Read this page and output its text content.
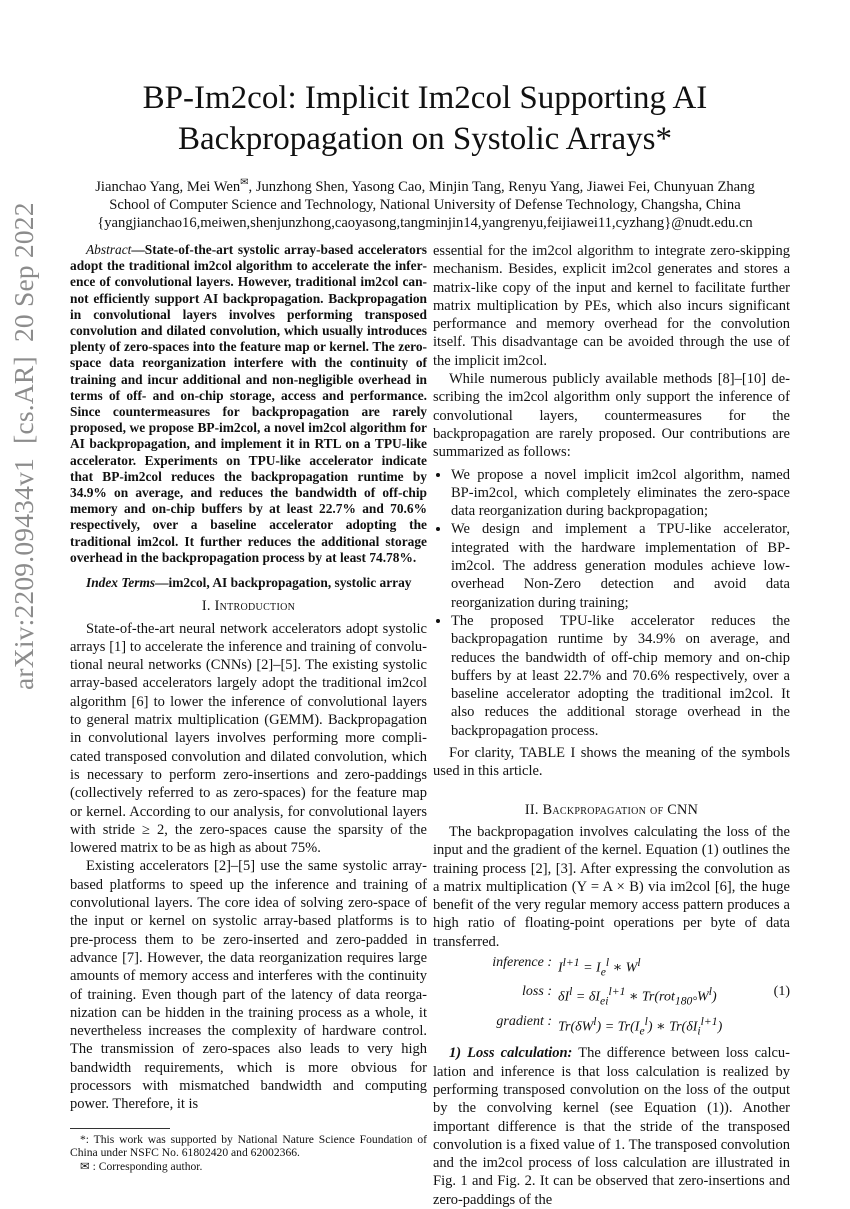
arXiv:2209.09434v1  [cs.AR]  20 Sep 2022
BP-Im2col: Implicit Im2col Supporting AI
Backpropagation on Systolic Arrays*
Jianchao Yang, Mei Wen✉, Junzhong Shen, Yasong Cao, Minjin Tang, Renyu Yang, Jiawei Fei, Chunyuan Zhang
School of Computer Science and Technology, National University of Defense Technology, Changsha, China
{yangjianchao16,meiwen,shenjunzhong,caoyasong,tangminjin14,yangrenyu,feijiawei11,cyzhang}@nudt.edu.cn

Abstract—State-of-the-art systolic array-based accelerators adopt the traditional im2col algorithm to accelerate the inference of convolutional layers. However, traditional im2col cannot efficiently support AI backpropagation. Backpropagation in convolutional layers involves performing transposed convolution and dilated convolution, which usually introduces plenty of zero-spaces into the feature map or kernel. The zero-space data reorganization interfere with the continuity of training and incur additional and non-negligible overhead in terms of off- and on-chip storage, access and performance. Since countermeasures for backpropagation are rarely proposed, we propose BP-im2col, a novel im2col algorithm for AI backpropagation, and implement it in RTL on a TPU-like accelerator. Experiments on TPU-like accelerator indicate that BP-im2col reduces the backpropagation runtime by 34.9% on average, and reduces the bandwidth of off-chip memory and on-chip buffers by at least 22.7% and 70.6% respectively, over a baseline accelerator adopting the traditional im2col. It further reduces the additional storage overhead in the backpropagation process by at least 74.78%.

Index Terms—im2col, AI backpropagation, systolic array

I. Introduction

State-of-the-art neural network accelerators adopt systolic arrays [1] to accelerate the inference and training of convolutional neural networks (CNNs) [2]–[5]. The existing systolic array-based accelerators largely adopt the traditional im2col algorithm [6] to lower the inference of convolutional layers to general matrix multiplication (GEMM). Backpropagation in convolutional layers involves performing more complicated transposed convolution and dilated convolution, which is necessary to perform zero-insertions and zero-paddings (collectively referred to as zero-spaces) for the feature map or kernel. According to our analysis, for convolutional layers with stride ≥ 2, the zero-spaces cause the sparsity of the lowered matrix to be as high as about 75%.

Existing accelerators [2]–[5] use the same systolic array-based platforms to speed up the inference and training of convolutional layers. The core idea of solving zero-space of the input or kernel on systolic array-based platforms is to pre-process them to be zero-inserted and zero-padded in advance [7]. However, the data reorganization requires large amounts of memory access and interferes with the continuity of training. Even though part of the latency of data reorganization can be hidden in the training process as a whole, it nevertheless increases the complexity of hardware control. The transmission of zero-spaces also leads to very high bandwidth requirements, which is more obvious for processors with mismatched bandwidth and computing power. Therefore, it is

*: This work was supported by National Nature Science Foundation of China under NSFC No. 61802420 and 62002366.

✉ : Corresponding author.

essential for the im2col algorithm to integrate zero-skipping mechanism. Besides, explicit im2col generates and stores a matrix-like copy of the input and kernel to facilitate further matrix multiplication by PEs, which also incurs significant performance and memory overhead for the convolution itself. This disadvantage can be avoided through the use of the implicit im2col.

While numerous publicly available methods [8]–[10] describing the im2col algorithm only support the inference of convolutional layers, countermeasures for the backpropagation are rarely proposed. Our contributions are summarized as follows:

• We propose a novel implicit im2col algorithm, named BP-im2col, which completely eliminates the zero-space data reorganization during backpropagation;
• We design and implement a TPU-like accelerator, integrated with the hardware implementation of BP-im2col. The address generation modules achieve low-overhead Non-Zero detection and avoid data reorganization during training;
• The proposed TPU-like accelerator reduces the backpropagation runtime by 34.9% on average, and reduces the bandwidth of off-chip memory and on-chip buffers by at least 22.7% and 70.6% respectively, over a baseline accelerator adopting the traditional im2col. It also reduces the additional storage overhead in the backpropagation process.

For clarity, TABLE I shows the meaning of the symbols used in this article.

II. Backpropagation of CNN

The backpropagation involves calculating the loss of the input and the gradient of the kernel. Equation (1) outlines the training process [2], [3]. After expressing the convolution as a matrix multiplication (Y = A × B) via im2col [6], the huge benefit of the very regular memory access pattern produces a high ratio of floating-point operations per byte of data transferred.

inference : $I^{l+1} = I_e^l$ ∗ $W^l$
loss : $\delta I^l = \delta I_{ei}^{l+1}$ ∗ $Tr(rot_{180^\circ}W^l)$	(1)
gradient : $Tr(\delta W^l) = Tr(I_e^l)$ ∗ $Tr(\delta I_i^{l+1})$

1) Loss calculation: The difference between loss calculation and inference is that loss calculation is realized by performing transposed convolution on the loss of the output by the convolving kernel (see Equation (1)). Another important difference is that the stride of the transposed convolution is a fixed value of 1. The transposed convolution and the im2col process of loss calculation are illustrated in Fig. 1 and Fig. 2. It can be observed that zero-insertions and zero-paddings of the
